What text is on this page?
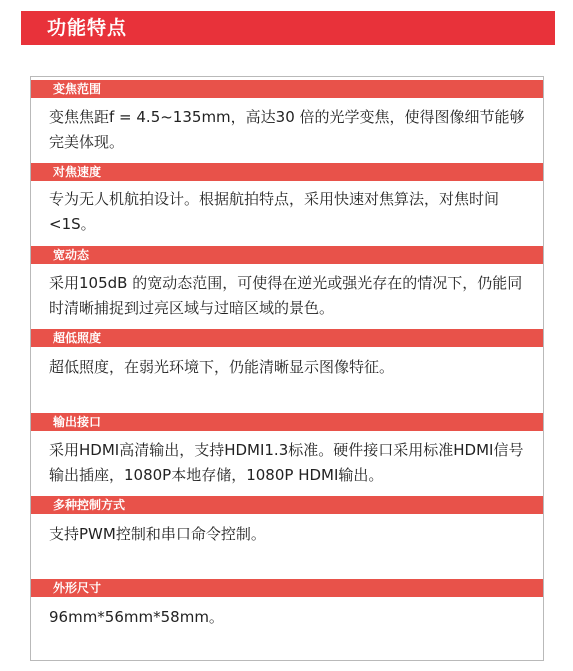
功能特点
变焦范围
变焦焦距f = 4.5~135mm，高达30 倍的光学变焦，使得图像细节能够完美体现。
对焦速度
专为无人机航拍设计。根据航拍特点，采用快速对焦算法，对焦时间<1S。
宽动态
采用105dB 的宽动态范围，可使得在逆光或强光存在的情况下，仍能同时清晰捕捉到过亮区域与过暗区域的景色。
超低照度
超低照度，在弱光环境下，仍能清晰显示图像特征。
输出接口
采用HDMI高清输出，支持HDMI1.3标准。硬件接口采用标准HDMI信号输出插座，1080P本地存储，1080P HDMI输出。
多种控制方式
支持PWM控制和串口命令控制。
外形尺寸
96mm*56mm*58mm。
